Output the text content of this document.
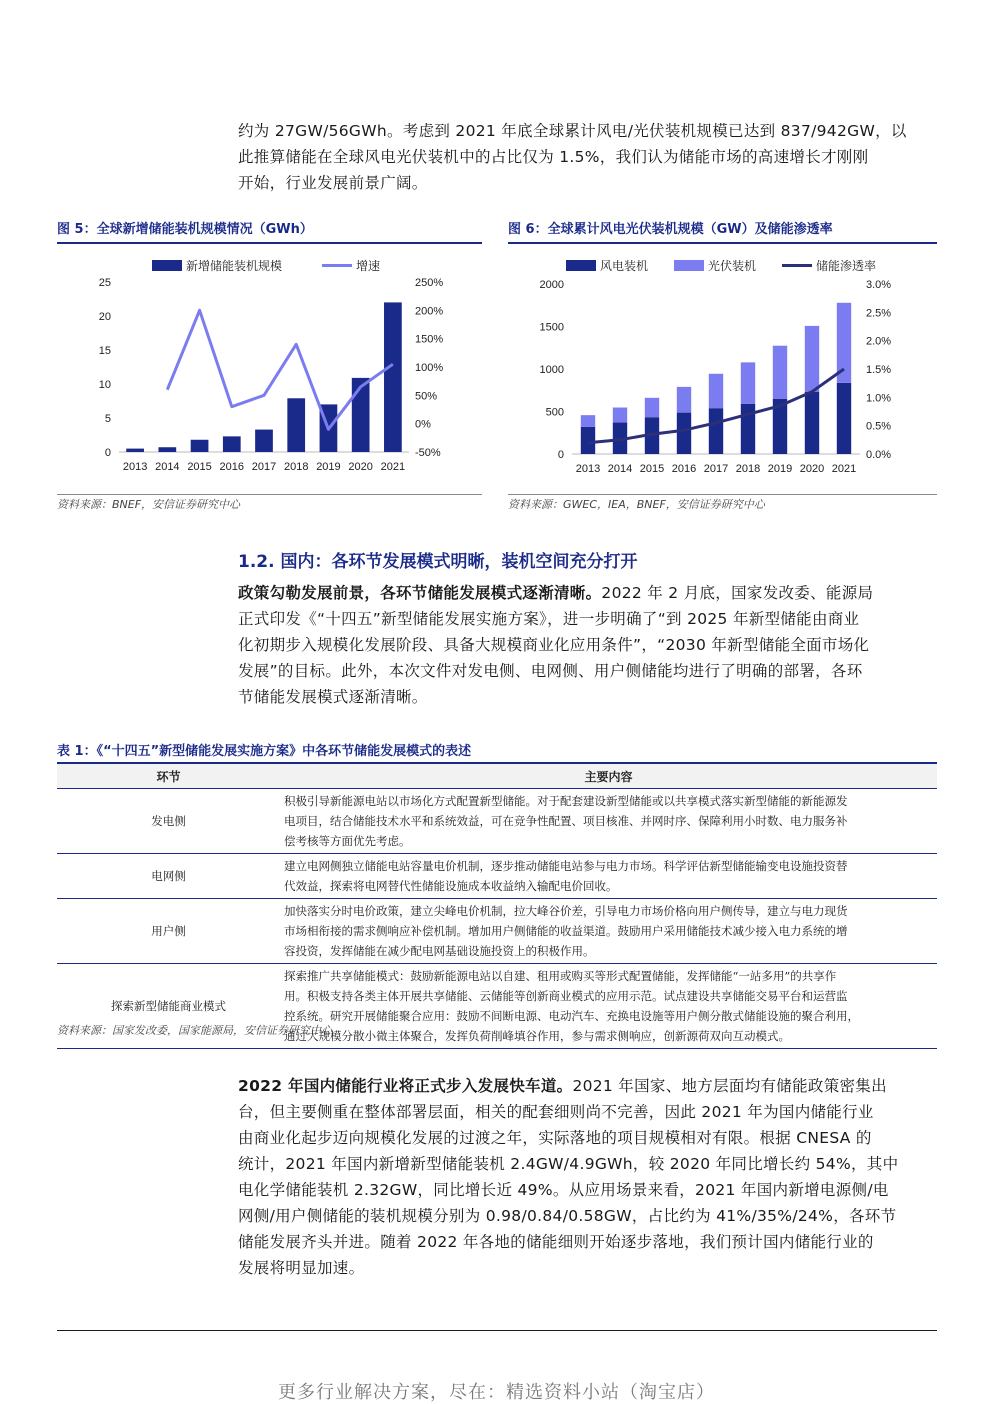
约为 27GW/56GWh。考虑到 2021 年底全球累计风电/光伏装机规模已达到 837/942GW，以
此推算储能在全球风电光伏装机中的占比仅为 1.5%，我们认为储能市场的高速增长才刚刚
开始，行业发展前景广阔。
图 5：全球新增储能装机规模情况（GWh）
0
5
10
15
20
25
-50%
0%
50%
100%
150%
200%
250%
2013 2014 2015 2016 2017 2018 2019 2020 2021
新增储能装机规模	增速
资料来源：BNEF，安信证券研究中心
图 6：全球累计风电光伏装机规模（GW）及储能渗透率
0
500
1000
1500
2000
0.0%
0.5%
1.0%
1.5%
2.0%
2.5%
3.0%
2013 2014 2015 2016 2017 2018 2019 2020 2021
风电装机	光伏装机	储能渗透率
资料来源：GWEC，IEA，BNEF，安信证券研究中心
1.2. 国内：各环节发展模式明晰，装机空间充分打开
政策勾勒发展前景，各环节储能发展模式逐渐清晰。2022 年 2 月底，国家发改委、能源局
正式印发《“十四五”新型储能发展实施方案》，进一步明确了“到 2025 年新型储能由商业
化初期步入规模化发展阶段、具备大规模商业化应用条件”，“2030 年新型储能全面市场化
发展”的目标。此外，本次文件对发电侧、电网侧、用户侧储能均进行了明确的部署，各环
节储能发展模式逐渐清晰。
表 1：《“十四五”新型储能发展实施方案》中各环节储能发展模式的表述
环节	主要内容
发电侧	积极引导新能源电站以市场化方式配置新型储能。对于配套建设新型储能或以共享模式落实新型储能的新能源发
电项目，结合储能技术水平和系统效益，可在竞争性配置、项目核准、并网时序、保障利用小时数、电力服务补
偿考核等方面优先考虑。

电网侧	建立电网侧独立储能电站容量电价机制，逐步推动储能电站参与电力市场。科学评估新型储能输变电设施投资替
代效益，探索将电网替代性储能设施成本收益纳入输配电价回收。

用户侧	加快落实分时电价政策，建立尖峰电价机制，拉大峰谷价差，引导电力市场价格向用户侧传导，建立与电力现货
市场相衔接的需求侧响应补偿机制。增加用户侧储能的收益渠道。鼓励用户采用储能技术减少接入电力系统的增
容投资，发挥储能在减少配电网基础设施投资上的积极作用。

探索新型储能商业模式	探索推广共享储能模式：鼓励新能源电站以自建、租用或购买等形式配置储能，发挥储能“一站多用”的共享作
用。积极支持各类主体开展共享储能、云储能等创新商业模式的应用示范。试点建设共享储能交易平台和运营监
控系统。研究开展储能聚合应用：鼓励不间断电源、电动汽车、充换电设施等用户侧分散式储能设施的聚合利用，
通过大规模分散小微主体聚合，发挥负荷削峰填谷作用，参与需求侧响应，创新源荷双向互动模式。
资料来源：国家发改委，国家能源局，安信证券研究中心
2022 年国内储能行业将正式步入发展快车道。2021 年国家、地方层面均有储能政策密集出
台，但主要侧重在整体部署层面，相关的配套细则尚不完善，因此 2021 年为国内储能行业
由商业化起步迈向规模化发展的过渡之年，实际落地的项目规模相对有限。根据 CNESA 的
统计，2021 年国内新增新型储能装机 2.4GW/4.9GWh，较 2020 年同比增长约 54%，其中
电化学储能装机 2.32GW，同比增长近 49%。从应用场景来看，2021 年国内新增电源侧/电
网侧/用户侧储能的装机规模分别为 0.98/0.84/0.58GW，占比约为 41%/35%/24%，各环节
储能发展齐头并进。随着 2022 年各地的储能细则开始逐步落地，我们预计国内储能行业的
发展将明显加速。
更多行业解决方案，尽在：精选资料小站（淘宝店）
